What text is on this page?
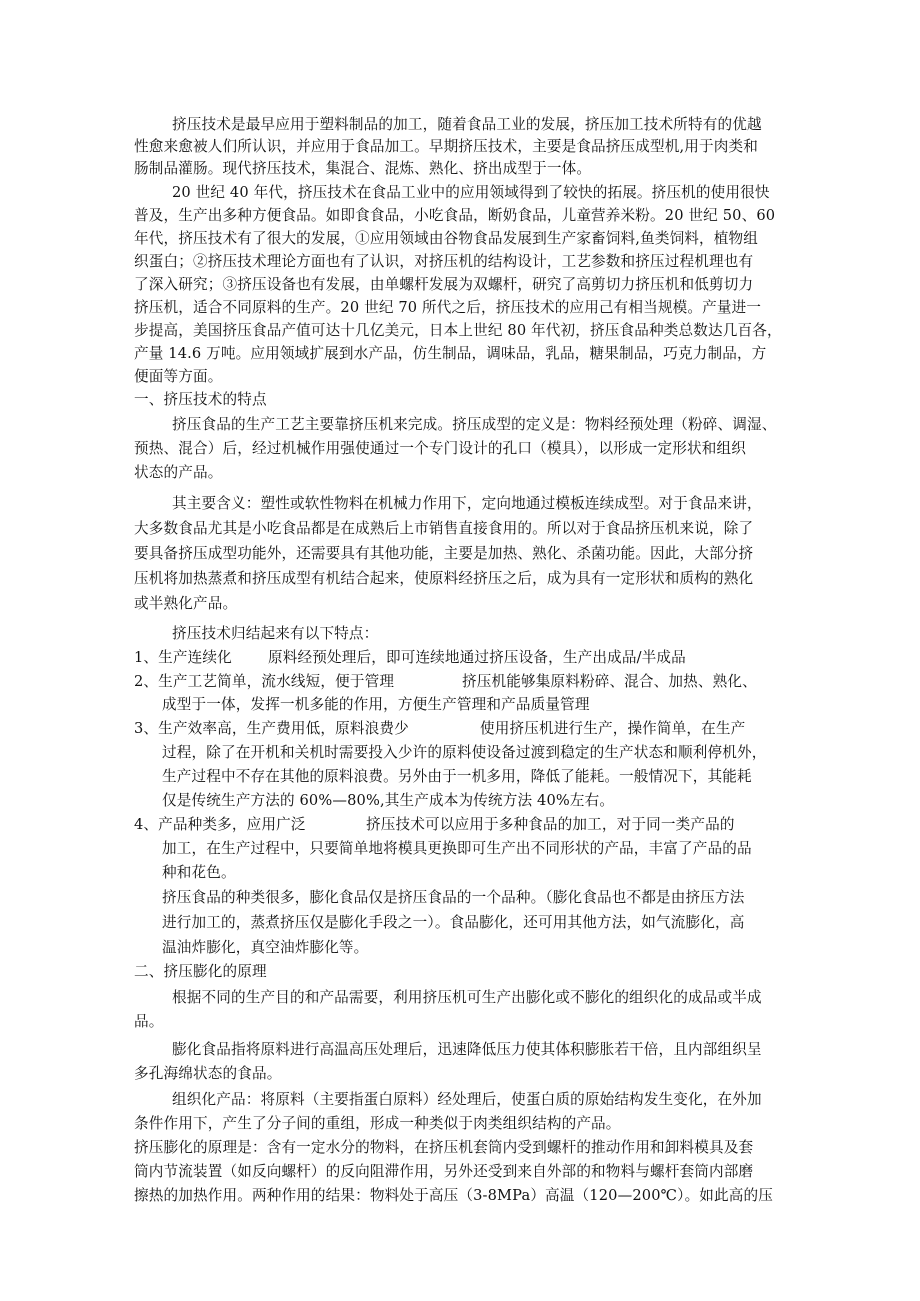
挤压技术是最早应用于塑料制品的加工，随着食品工业的发展，挤压加工技术所特有的优越
性愈来愈被人们所认识，并应用于食品加工。早期挤压技术，主要是食品挤压成型机,用于肉类和
肠制品灌肠。现代挤压技术，集混合、混炼、熟化、挤出成型于一体。
20 世纪 40 年代，挤压技术在食品工业中的应用领域得到了较快的拓展。挤压机的使用很快
普及，生产出多种方便食品。如即食食品，小吃食品，断奶食品，儿童营养米粉。20 世纪 50、60
年代，挤压技术有了很大的发展，①应用领域由谷物食品发展到生产家畜饲料,鱼类饲料，植物组
织蛋白；②挤压技术理论方面也有了认识，对挤压机的结构设计，工艺参数和挤压过程机理也有
了深入研究；③挤压设备也有发展，由单螺杆发展为双螺杆，研究了高剪切力挤压机和低剪切力
挤压机，适合不同原料的生产。20 世纪 70 所代之后，挤压技术的应用己有相当规模。产量进一
步提高，美国挤压食品产值可达十几亿美元，日本上世纪 80 年代初，挤压食品种类总数达几百各，
产量 14.6 万吨。应用领域扩展到水产品，仿生制品，调味品，乳品，糖果制品，巧克力制品，方
便面等方面。
一、挤压技术的特点
挤压食品的生产工艺主要靠挤压机来完成。挤压成型的定义是：物料经预处理（粉碎、调湿、
预热、混合）后，经过机械作用强使通过一个专门设计的孔口（模具），以形成一定形状和组织
状态的产品。
其主要含义：塑性或软性物料在机械力作用下，定向地通过模板连续成型。对于食品来讲，
大多数食品尤其是小吃食品都是在成熟后上市销售直接食用的。所以对于食品挤压机来说，除了
要具备挤压成型功能外，还需要具有其他功能，主要是加热、熟化、杀菌功能。因此，大部分挤
压机将加热蒸煮和挤压成型有机结合起来，使原料经挤压之后，成为具有一定形状和质构的熟化
或半熟化产品。
挤压技术归结起来有以下特点：
1、生产连续化 原料经预处理后，即可连续地通过挤压设备，生产出成品/半成品
2、生产工艺简单，流水线短，便于管理	挤压机能够集原料粉碎、混合、加热、熟化、
成型于一体，发挥一机多能的作用，方便生产管理和产品质量管理
3、生产效率高，生产费用低，原料浪费少	使用挤压机进行生产，操作简单，在生产
过程，除了在开机和关机时需要投入少许的原料使设备过渡到稳定的生产状态和顺利停机外，
生产过程中不存在其他的原料浪费。另外由于一机多用，降低了能耗。一般情况下，其能耗
仅是传统生产方法的 60%—80%,其生产成本为传统方法 40%左右。
4、产品种类多，应用广泛	挤压技术可以应用于多种食品的加工，对于同一类产品的
加工，在生产过程中，只要简单地将模具更换即可生产出不同形状的产品，丰富了产品的品
种和花色。
挤压食品的种类很多，膨化食品仅是挤压食品的一个品种。（膨化食品也不都是由挤压方法
进行加工的，蒸煮挤压仅是膨化手段之一）。食品膨化，还可用其他方法，如气流膨化，高
温油炸膨化，真空油炸膨化等。
二、挤压膨化的原理
根据不同的生产目的和产品需要，利用挤压机可生产出膨化或不膨化的组织化的成品或半成
品。
膨化食品指将原料进行高温高压处理后，迅速降低压力使其体积膨胀若干倍，且内部组织呈
多孔海绵状态的食品。
组织化产品：将原料（主要指蛋白原料）经处理后，使蛋白质的原始结构发生变化，在外加
条件作用下，产生了分子间的重组，形成一种类似于肉类组织结构的产品。
挤压膨化的原理是：含有一定水分的物料，在挤压机套筒内受到螺杆的推动作用和卸料模具及套
筒内节流装置（如反向螺杆）的反向阻滞作用，另外还受到来自外部的和物料与螺杆套筒内部磨
擦热的加热作用。两种作用的结果：物料处于高压（3-8MPa）高温（120—200℃）。如此高的压
